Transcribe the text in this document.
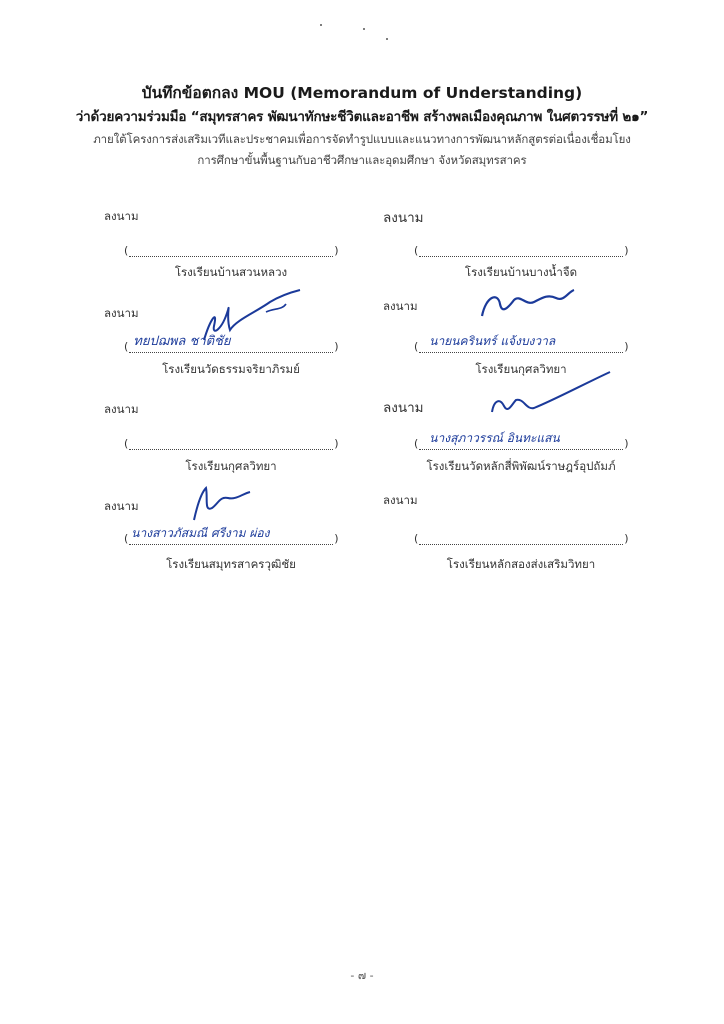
บันทึกข้อตกลง MOU (Memorandum of Understanding)
ว่าด้วยความร่วมมือ “สมุทรสาคร พัฒนาทักษะชีวิตและอาชีพ สร้างพลเมืองคุณภาพ ในศตวรรษที่ ๒๑”
ภายใต้โครงการส่งเสริมเวทีและประชาคมเพื่อการจัดทำรูปแบบและแนวทางการพัฒนาหลักสูตรต่อเนื่องเชื่อมโยง
การศึกษาขั้นพื้นฐานกับอาชีวศึกษาและอุดมศึกษา จังหวัดสมุทรสาคร
ลงนาม
(	)
โรงเรียนบ้านสวนหลวง
ลงนาม
( ทยปฌพล ชาติชัย	)
โรงเรียนวัดธรรมจริยาภิรมย์
ลงนาม
(	)
โรงเรียนกุศลวิทยา
ลงนาม
( นางสาวภัสมณี ศรีงาม ผ่อง	)
โรงเรียนสมุทรสาครวุฒิชัย
ลงนาม
(	)
โรงเรียนบ้านบางน้ำจืด
ลงนาม
( นายนครินทร์ แจ้งบงวาล	)
โรงเรียนกุศลวิทยา
ลงนาม
( นางสุภาวรรณ์ อินทะแสน	)
โรงเรียนวัดหลักสี่พิพัฒน์ราษฎร์อุปถัมภ์
ลงนาม
(	)
โรงเรียนหลักสองส่งเสริมวิทยา
- ๗ -
